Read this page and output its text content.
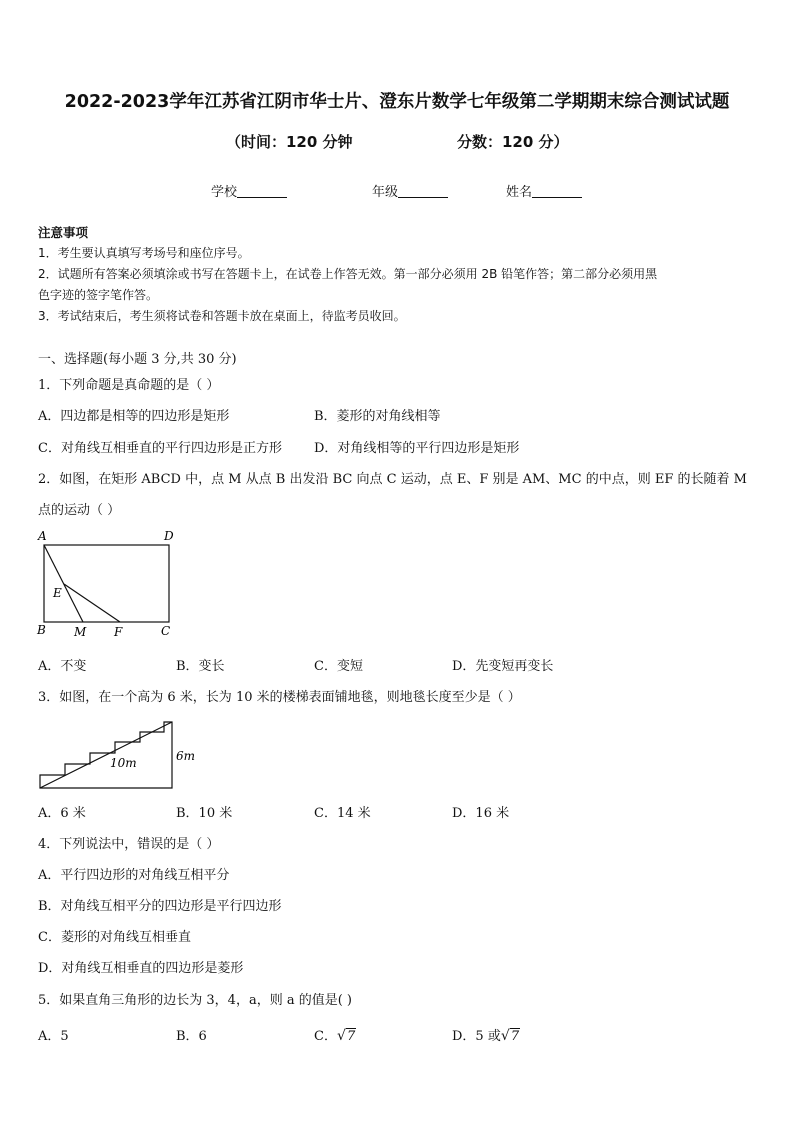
2022-2023学年江苏省江阴市华士片、澄东片数学七年级第二学期期末综合测试试题
（时间：120 分钟	分数：120 分）
学校	年级	姓名
注意事项
1．考生要认真填写考场号和座位序号。
2．试题所有答案必须填涂或书写在答题卡上，在试卷上作答无效。第一部分必须用 2B 铅笔作答；第二部分必须用黑
色字迹的签字笔作答。
3．考试结束后，考生须将试卷和答题卡放在桌面上，待监考员收回。
一、选择题(每小题 3 分,共 30 分)
1．下列命题是真命题的是（ ）
A．四边都是相等的四边形是矩形	B．菱形的对角线相等
C．对角线互相垂直的平行四边形是正方形 D．对角线相等的平行四边形是矩形
2．如图，在矩形 ABCD 中，点 M 从点 B 出发沿 BC 向点 C 运动，点 E、F 别是 AM、MC 的中点，则 EF 的长随着 M
点的运动（ ）
A	D
B	C
E
M F
A．不变	B．变长	C．变短	D．先变短再变长
3．如图，在一个高为 6 米，长为 10 米的楼梯表面铺地毯，则地毯长度至少是（ ）
10m	6m
A．6 米	B．10 米	C．14 米	D．16 米
4．下列说法中，错误的是（ ）
A．平行四边形的对角线互相平分
B．对角线互相平分的四边形是平行四边形
C．菱形的对角线互相垂直
D．对角线互相垂直的四边形是菱形
5．如果直角三角形的边长为 3，4，a，则 a 的值是( )
A．5	B．6	C． √ 7	D．5 或 √ 7
